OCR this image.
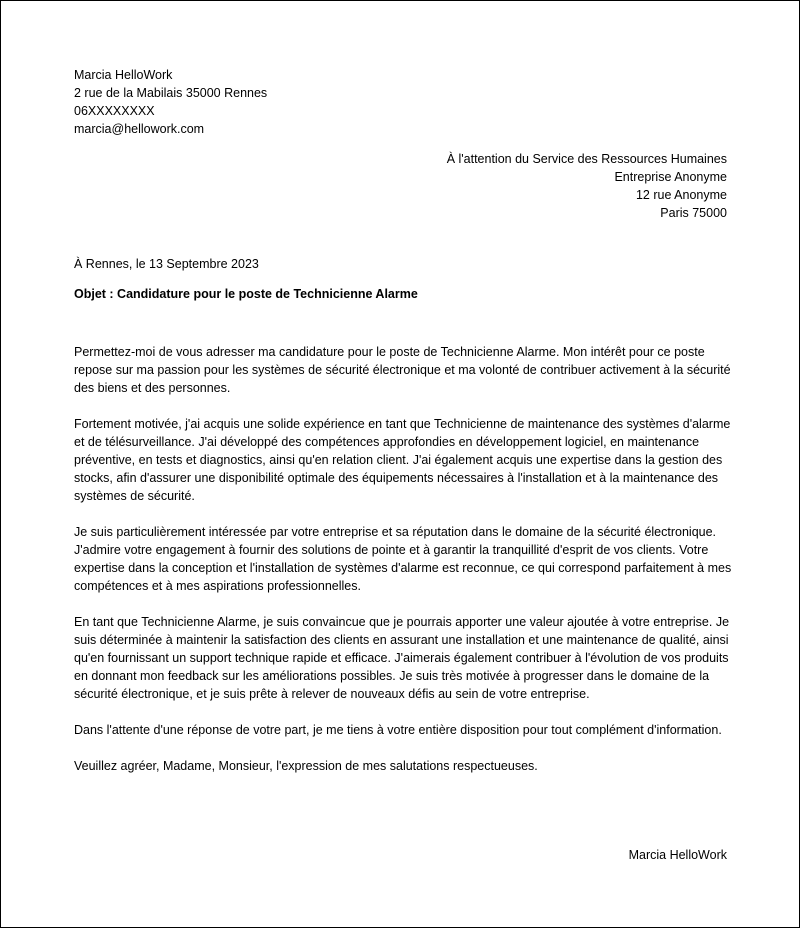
Marcia HelloWork
2 rue de la Mabilais 35000 Rennes
06XXXXXXXX
marcia@hellowork.com
À l'attention du Service des Ressources Humaines
Entreprise Anonyme
12 rue Anonyme
Paris 75000
À Rennes, le 13 Septembre 2023
Objet : Candidature pour le poste de Technicienne Alarme

Permettez-moi de vous adresser ma candidature pour le poste de Technicienne Alarme. Mon intérêt pour ce poste repose sur ma passion pour les systèmes de sécurité électronique et ma volonté de contribuer activement à la sécurité des biens et des personnes.

Fortement motivée, j'ai acquis une solide expérience en tant que Technicienne de maintenance des systèmes d'alarme et de télésurveillance. J'ai développé des compétences approfondies en développement logiciel, en maintenance préventive, en tests et diagnostics, ainsi qu'en relation client. J'ai également acquis une expertise dans la gestion des stocks, afin d'assurer une disponibilité optimale des équipements nécessaires à l'installation et à la maintenance des systèmes de sécurité.

Je suis particulièrement intéressée par votre entreprise et sa réputation dans le domaine de la sécurité électronique. J'admire votre engagement à fournir des solutions de pointe et à garantir la tranquillité d'esprit de vos clients. Votre expertise dans la conception et l'installation de systèmes d'alarme est reconnue, ce qui correspond parfaitement à mes compétences et à mes aspirations professionnelles.

En tant que Technicienne Alarme, je suis convaincue que je pourrais apporter une valeur ajoutée à votre entreprise. Je suis déterminée à maintenir la satisfaction des clients en assurant une installation et une maintenance de qualité, ainsi qu'en fournissant un support technique rapide et efficace. J'aimerais également contribuer à l'évolution de vos produits en donnant mon feedback sur les améliorations possibles. Je suis très motivée à progresser dans le domaine de la sécurité électronique, et je suis prête à relever de nouveaux défis au sein de votre entreprise.

Dans l'attente d'une réponse de votre part, je me tiens à votre entière disposition pour tout complément d'information.

Veuillez agréer, Madame, Monsieur, l'expression de mes salutations respectueuses.

Marcia HelloWork
